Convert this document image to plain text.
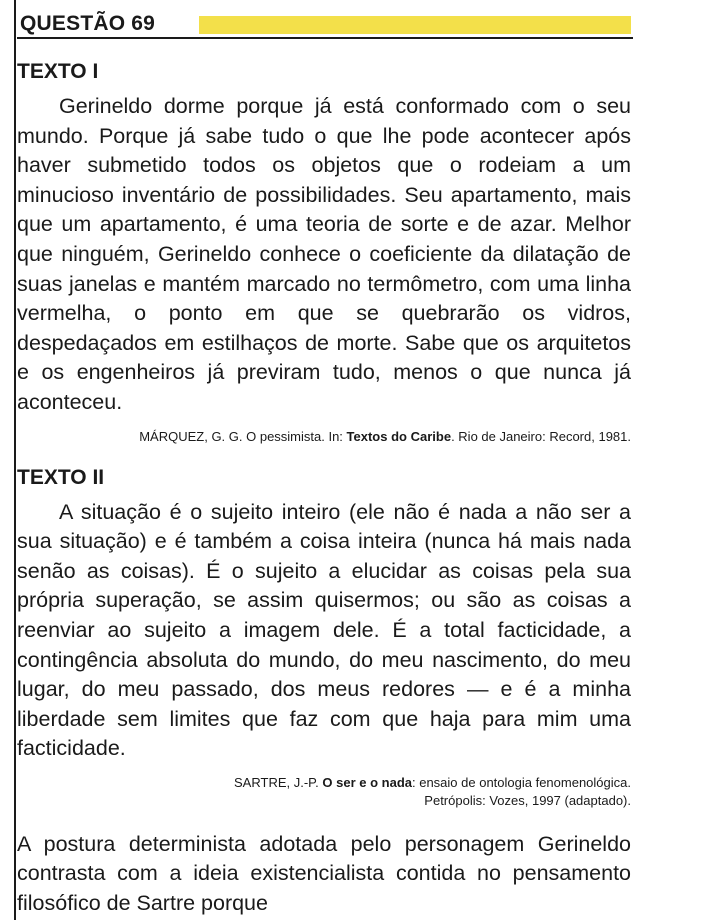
QUESTÃO 69
TEXTO I

Gerineldo dorme porque já está conformado com o seu mundo. Porque já sabe tudo o que lhe pode acontecer após haver submetido todos os objetos que o rodeiam a um minucioso inventário de possibilidades. Seu apartamento, mais que um apartamento, é uma teoria de sorte e de azar. Melhor que ninguém, Gerineldo conhece o coeficiente da dilatação de suas janelas e mantém marcado no termômetro, com uma linha vermelha, o ponto em que se quebrarão os vidros, despedaçados em estilhaços de morte. Sabe que os arquitetos e os engenheiros já previram tudo, menos o que nunca já aconteceu.

MÁRQUEZ, G. G. O pessimista. In: Textos do Caribe. Rio de Janeiro: Record, 1981.
TEXTO II

A situação é o sujeito inteiro (ele não é nada a não ser a sua situação) e é também a coisa inteira (nunca há mais nada senão as coisas). É o sujeito a elucidar as coisas pela sua própria superação, se assim quisermos; ou são as coisas a reenviar ao sujeito a imagem dele. É a total facticidade, a contingência absoluta do mundo, do meu nascimento, do meu lugar, do meu passado, dos meus redores — e é a minha liberdade sem limites que faz com que haja para mim uma facticidade.

SARTRE, J.-P. O ser e o nada: ensaio de ontologia fenomenológica.
Petrópolis: Vozes, 1997 (adaptado).

A postura determinista adotada pelo personagem Gerineldo contrasta com a ideia existencialista contida no pensamento filosófico de Sartre porque
